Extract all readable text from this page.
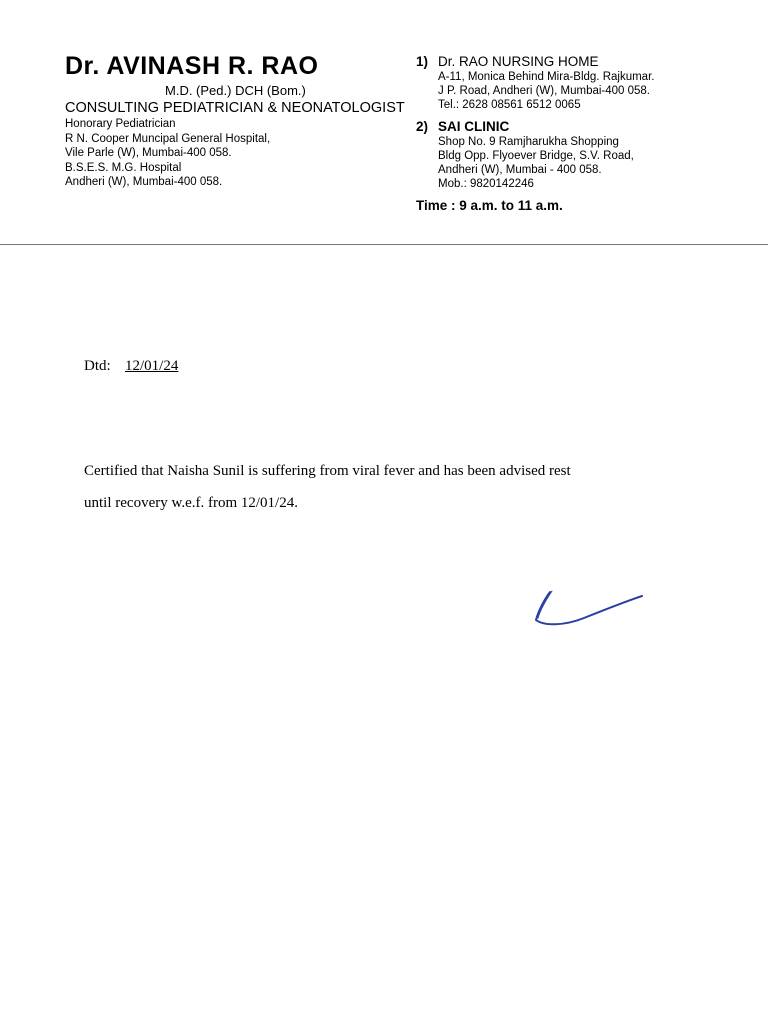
Dr. AVINASH R. RAO
M.D. (Ped.) DCH (Bom.)
CONSULTING PEDIATRICIAN & NEONATOLOGIST
Honorary Pediatrician
R N. Cooper Muncipal General Hospital,
Vile Parle (W), Mumbai-400 058.
B.S.E.S. M.G. Hospital
Andheri (W), Mumbai-400 058.
1) Dr. RAO NURSING HOME
A-11, Monica Behind Mira-Bldg. Rajkumar.
J P. Road, Andheri (W), Mumbai-400 058.
Tel.: 2628 08561 6512 0065
2) SAI CLINIC
Shop No. 9 Ramjharukha Shopping
Bldg Opp. Flyoever Bridge, S.V. Road,
Andheri (W), Mumbai - 400 058.
Mob.: 9820142246
Time : 9 a.m. to 11 a.m.
Dtd: 12/01/24
Certified that Naisha Sunil is suffering from viral fever and has been advised rest
until recovery w.e.f. from 12/01/24.
